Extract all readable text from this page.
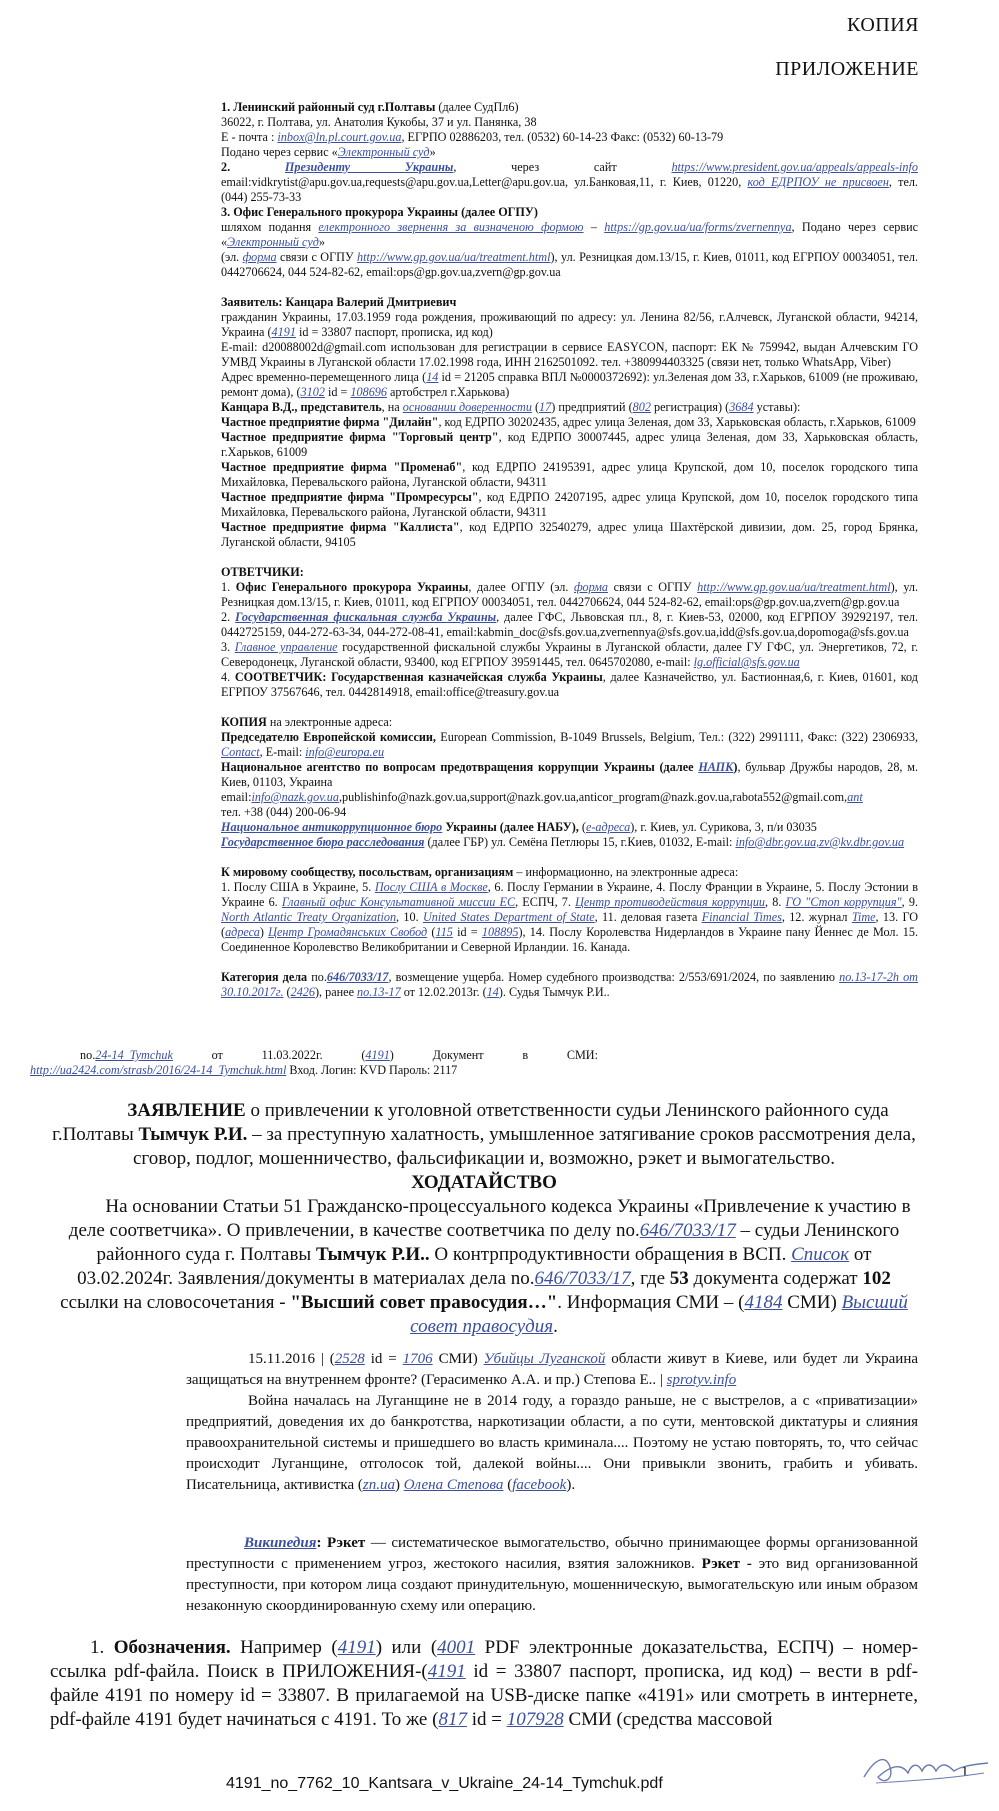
КОПИЯ
ПРИЛОЖЕНИЕ

1. Ленинский районный суд г.Полтавы (далее СудПл6)

36022, г. Полтава, ул. Анатолия Кукобы, 37 и ул. Панянка, 38

E - почта : inbox@ln.pl.court.gov.ua, ЕГРПО 02886203, тел. (0532) 60-14-23 Факс: (0532) 60-13-79

Подано через сервис «Электронный суд»

2. Президенту Украины, через сайт https://www.president.gov.ua/appeals/appeals-info email:vidkrytist@apu.gov.ua,requests@apu.gov.ua,Letter@apu.gov.ua, ул.Банковая,11, г. Киев, 01220, код ЕДРПОУ не присвоен, тел. (044) 255-73-33

3. Офис Генерального прокурора Украины (далее ОГПУ)

шляхом подання електронного звернення за визначеною формою – https://gp.gov.ua/ua/forms/zvernennya, Подано через сервис «Электронный суд»

(эл. форма связи с ОГПУ http://www.gp.gov.ua/ua/treatment.html), ул. Резницкая дом.13/15, г. Киев, 01011, код ЕГРПОУ 00034051, тел. 0442706624, 044 524-82-62, email:ops@gp.gov.ua,zvern@gp.gov.ua

Заявитель: Канцара Валерий Дмитриевич

гражданин Украины, 17.03.1959 года рождения, проживающий по адресу: ул. Ленина 82/56, г.Алчевск, Луганской области, 94214, Украина (4191 id = 33807 паспорт, прописка, ид код)

E-mail: d20088002d@gmail.com использован для регистрации в сервисе EASYCON, паспорт: ЕК № 759942, выдан Алчевским ГО УМВД Украины в Луганской области 17.02.1998 года, ИНН 2162501092. тел. +380994403325 (связи нет, только WhatsApp, Viber)

Адрес временно-перемещенного лица (14 id = 21205 справка ВПЛ №0000372692): ул.Зеленая дом 33, г.Харьков, 61009 (не проживаю, ремонт дома), (3102 id = 108696 артобстрел г.Харькова)

Канцара В.Д., представитель, на основании доверенности (17) предприятий (802 регистрация) (3684 уставы):

Частное предприятие фирма "Дилайн", код ЕДРПО 30202435, адрес улица Зеленая, дом 33, Харьковская область, г.Харьков, 61009

Частное предприятие фирма "Торговый центр", код ЕДРПО 30007445, адрес улица Зеленая, дом 33, Харьковская область, г.Харьков, 61009

Частное предприятие фирма "Променаб", код ЕДРПО 24195391, адрес улица Крупской, дом 10, поселок городского типа Михайловка, Перевальского района, Луганской области, 94311

Частное предприятие фирма "Промресурсы", код ЕДРПО 24207195, адрес улица Крупской, дом 10, поселок городского типа Михайловка, Перевальского района, Луганской области, 94311

Частное предприятие фирма "Каллиста", код ЕДРПО 32540279, адрес улица Шахтёрской дивизии, дом. 25, город Брянка, Луганской области, 94105

ОТВЕТЧИКИ:

1. Офис Генерального прокурора Украины, далее ОГПУ (эл. форма связи с ОГПУ http://www.gp.gov.ua/ua/treatment.html), ул. Резницкая дом.13/15, г. Киев, 01011, код ЕГРПОУ 00034051, тел. 0442706624, 044 524-82-62, email:ops@gp.gov.ua,zvern@gp.gov.ua

2. Государственная фискальная служба Украины, далее ГФС, Львовская пл., 8, г. Киев-53, 02000, код ЕГРПОУ 39292197, тел. 0442725159, 044-272-63-34, 044-272-08-41, email:kabmin_doc@sfs.gov.ua,zvernennya@sfs.gov.ua,idd@sfs.gov.ua,dopomoga@sfs.gov.ua

3. Главное управление государственной фискальной службы Украины в Луганской области, далее ГУ ГФС, ул. Энергетиков, 72, г. Северодонецк, Луганской области, 93400, код ЕГРПОУ 39591445, тел. 0645702080, e-mail: lg.official@sfs.gov.ua

4. СООТВЕТЧИК: Государственная казначейская служба Украины, далее Казначейство, ул. Бастионная,6, г. Киев, 01601, код ЕГРПОУ 37567646, тел. 0442814918, email:office@treasury.gov.ua

КОПИЯ на электронные адреса:

Председателю Европейской комиссии, European Commission, B-1049 Brussels, Belgium, Тел.: (322) 2991111, Факс: (322) 2306933, Contact, E-mail: info@europa.eu

Национальное агентство по вопросам предотвращения коррупции Украины (далее НАПК), бульвар Дружбы народов, 28, м. Киев, 01103, Украина

email:info@nazk.gov.ua,publishinfo@nazk.gov.ua,support@nazk.gov.ua,anticor_program@nazk.gov.ua,rabota552@gmail.com,ant

тел. +38 (044) 200-06-94

Национальное антикоррупционное бюро Украины (далее НАБУ), (e-адреса), г. Киев, ул. Сурикова, 3, п/и 03035

Государственное бюро расследования (далее ГБР) ул. Семёна Петлюры 15, г.Киев, 01032, E-mail: info@dbr.gov.ua,zv@kv.dbr.gov.ua

К мировому сообществу, посольствам, организациям – информационно, на электронные адреса:

1. Послу США в Украине, 5. Послу США в Москве, 6. Послу Германии в Украине, 4. Послу Франции в Украине, 5. Послу Эстонии в Украине 6. Главный офис Консультативной миссии ЕС, ЕСПЧ, 7. Центр противодействия коррупции, 8. ГО "Стоп коррупция", 9. North Atlantic Treaty Organization, 10. United States Department of State, 11. деловая газета Financial Times, 12. журнал Time, 13. ГО (адреса) Центр Громадянських Свобод (115 id = 108895), 14. Послу Королевства Нидерландов в Украине пану Йеннес де Мол. 15. Соединенное Королевство Великобритании и Северной Ирландии. 16. Канада.

Категория дела по.646/7033/17, возмещение ущерба. Номер судебного производства: 2/553/691/2024, по заявлению no.13-17-2h от 30.10.2017г. (2426), ранее no.13-17 от 12.02.2013г. (14). Судья Тымчук Р.И..

no.24-14_Tymchuk от 11.03.2022г. (4191) Документ в СМИ:
http://ua2424.com/strasb/2016/24-14_Tymchuk.html Вход. Логин: KVD Пароль: 2117

ЗАЯВЛЕНИЕ о привлечении к уголовной ответственности судьи Ленинского районного суда г.Полтавы Тымчук Р.И. – за преступную халатность, умышленное затягивание сроков рассмотрения дела, сговор, подлог, мошенничество, фальсификации и, возможно, рэкет и вымогательство.

ХОДАТАЙСТВО

На основании Статьи 51 Гражданско-процессуального кодекса Украины «Привлечение к участию в деле соответчика». О привлечении, в качестве соответчика по делу no.646/7033/17 – судьи Ленинского районного суда г. Полтавы Тымчук Р.И.. О контрпродуктивности обращения в ВСП. Список от 03.02.2024г. Заявления/документы в материалах дела no.646/7033/17, где 53 документа содержат 102 ссылки на словосочетания - "Высший совет правосудия…". Информация СМИ – (4184 СМИ) Высший совет правосудия.

15.11.2016 | (2528 id = 1706 СМИ) Убийцы Луганской области живут в Киеве, или будет ли Украина защищаться на внутреннем фронте? (Герасименко А.А. и пр.) Степова Е.. | sprotyv.info

Война началась на Луганщине не в 2014 году, а гораздо раньше, не с выстрелов, а с «приватизации» предприятий, доведения их до банкротства, наркотизации области, а по сути, ментовской диктатуры и слияния правоохранительной системы и пришедшего во власть криминала.... Поэтому не устаю повторять, то, что сейчас происходит Луганщине, отголосок той, далекой войны.... Они привыкли звонить, грабить и убивать. Писательница, активистка (zn.ua) Олена Степова (facebook).

Википедия: Рэкет — систематическое вымогательство, обычно принимающее формы организованной преступности с применением угроз, жестокого насилия, взятия заложников. Рэкет - это вид организованной преступности, при котором лица создают принудительную, мошенническую, вымогательскую или иным образом незаконную скоординированную схему или операцию.

1. Обозначения. Например (4191) или (4001 PDF электронные доказательства, ЕСПЧ) – номер-ссылка pdf-файла. Поиск в ПРИЛОЖЕНИЯ-(4191 id = 33807 паспорт, прописка, ид код) – вести в pdf-файле 4191 по номеру id = 33807. В прилагаемой на USB-диске папке «4191» или смотреть в интернете, pdf-файле 4191 будет начинаться с 4191. То же (817 id = 107928 СМИ (средства массовой

4191_no_7762_10_Kantsara_v_Ukraine_24-14_Tymchuk.pdf
1
